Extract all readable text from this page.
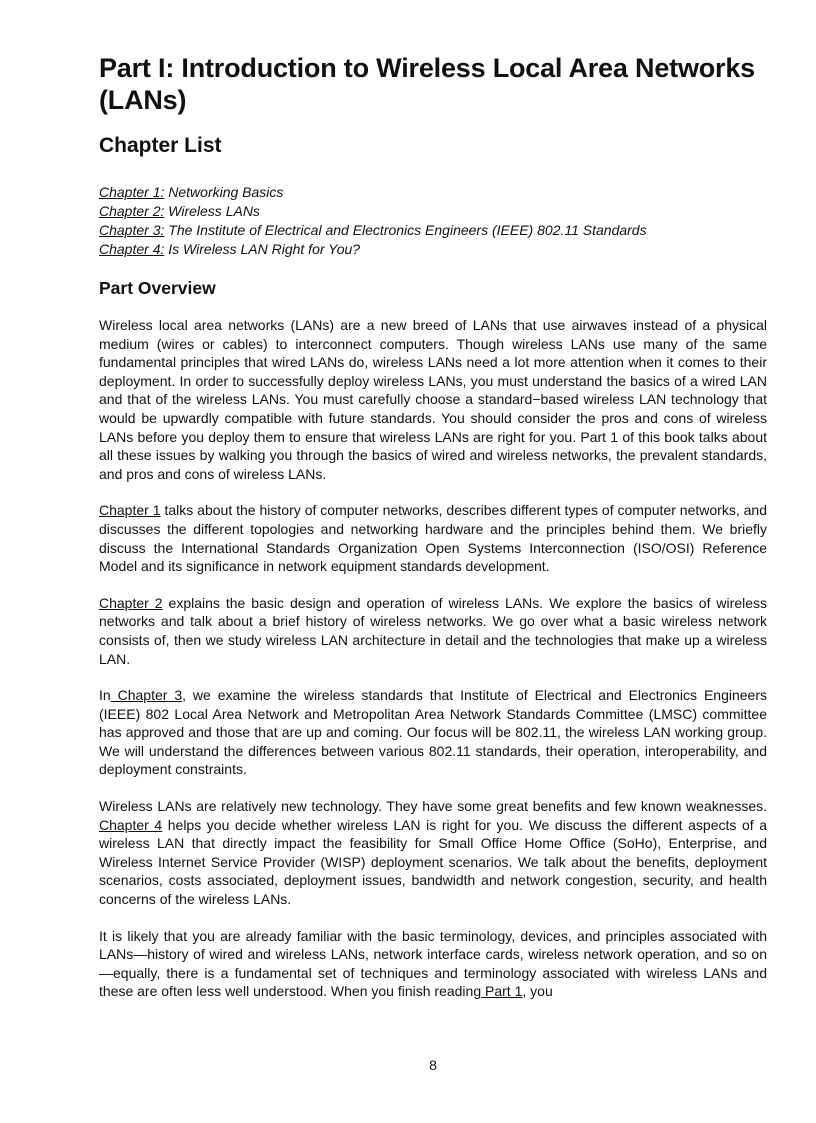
Part I: Introduction to Wireless Local Area Networks (LANs)
Chapter List
Chapter 1: Networking Basics
Chapter 2: Wireless LANs
Chapter 3: The Institute of Electrical and Electronics Engineers (IEEE) 802.11 Standards
Chapter 4: Is Wireless LAN Right for You?
Part Overview

Wireless local area networks (LANs) are a new breed of LANs that use airwaves instead of a physical medium (wires or cables) to interconnect computers. Though wireless LANs use many of the same fundamental principles that wired LANs do, wireless LANs need a lot more attention when it comes to their deployment. In order to successfully deploy wireless LANs, you must understand the basics of a wired LAN and that of the wireless LANs. You must carefully choose a standard−based wireless LAN technology that would be upwardly compatible with future standards. You should consider the pros and cons of wireless LANs before you deploy them to ensure that wireless LANs are right for you. Part 1 of this book talks about all these issues by walking you through the basics of wired and wireless networks, the prevalent standards, and pros and cons of wireless LANs.

Chapter 1 talks about the history of computer networks, describes different types of computer networks, and discusses the different topologies and networking hardware and the principles behind them. We briefly discuss the International Standards Organization Open Systems Interconnection (ISO/OSI) Reference Model and its significance in network equipment standards development.

Chapter 2 explains the basic design and operation of wireless LANs. We explore the basics of wireless networks and talk about a brief history of wireless networks. We go over what a basic wireless network consists of, then we study wireless LAN architecture in detail and the technologies that make up a wireless LAN.

In Chapter 3, we examine the wireless standards that Institute of Electrical and Electronics Engineers (IEEE) 802 Local Area Network and Metropolitan Area Network Standards Committee (LMSC) committee has approved and those that are up and coming. Our focus will be 802.11, the wireless LAN working group. We will understand the differences between various 802.11 standards, their operation, interoperability, and deployment constraints.

Wireless LANs are relatively new technology. They have some great benefits and few known weaknesses. Chapter 4 helps you decide whether wireless LAN is right for you. We discuss the different aspects of a wireless LAN that directly impact the feasibility for Small Office Home Office (SoHo), Enterprise, and Wireless Internet Service Provider (WISP) deployment scenarios. We talk about the benefits, deployment scenarios, costs associated, deployment issues, bandwidth and network congestion, security, and health concerns of the wireless LANs.

It is likely that you are already familiar with the basic terminology, devices, and principles associated with LANs—history of wired and wireless LANs, network interface cards, wireless network operation, and so on—equally, there is a fundamental set of techniques and terminology associated with wireless LANs and these are often less well understood. When you finish reading Part 1, you

8
